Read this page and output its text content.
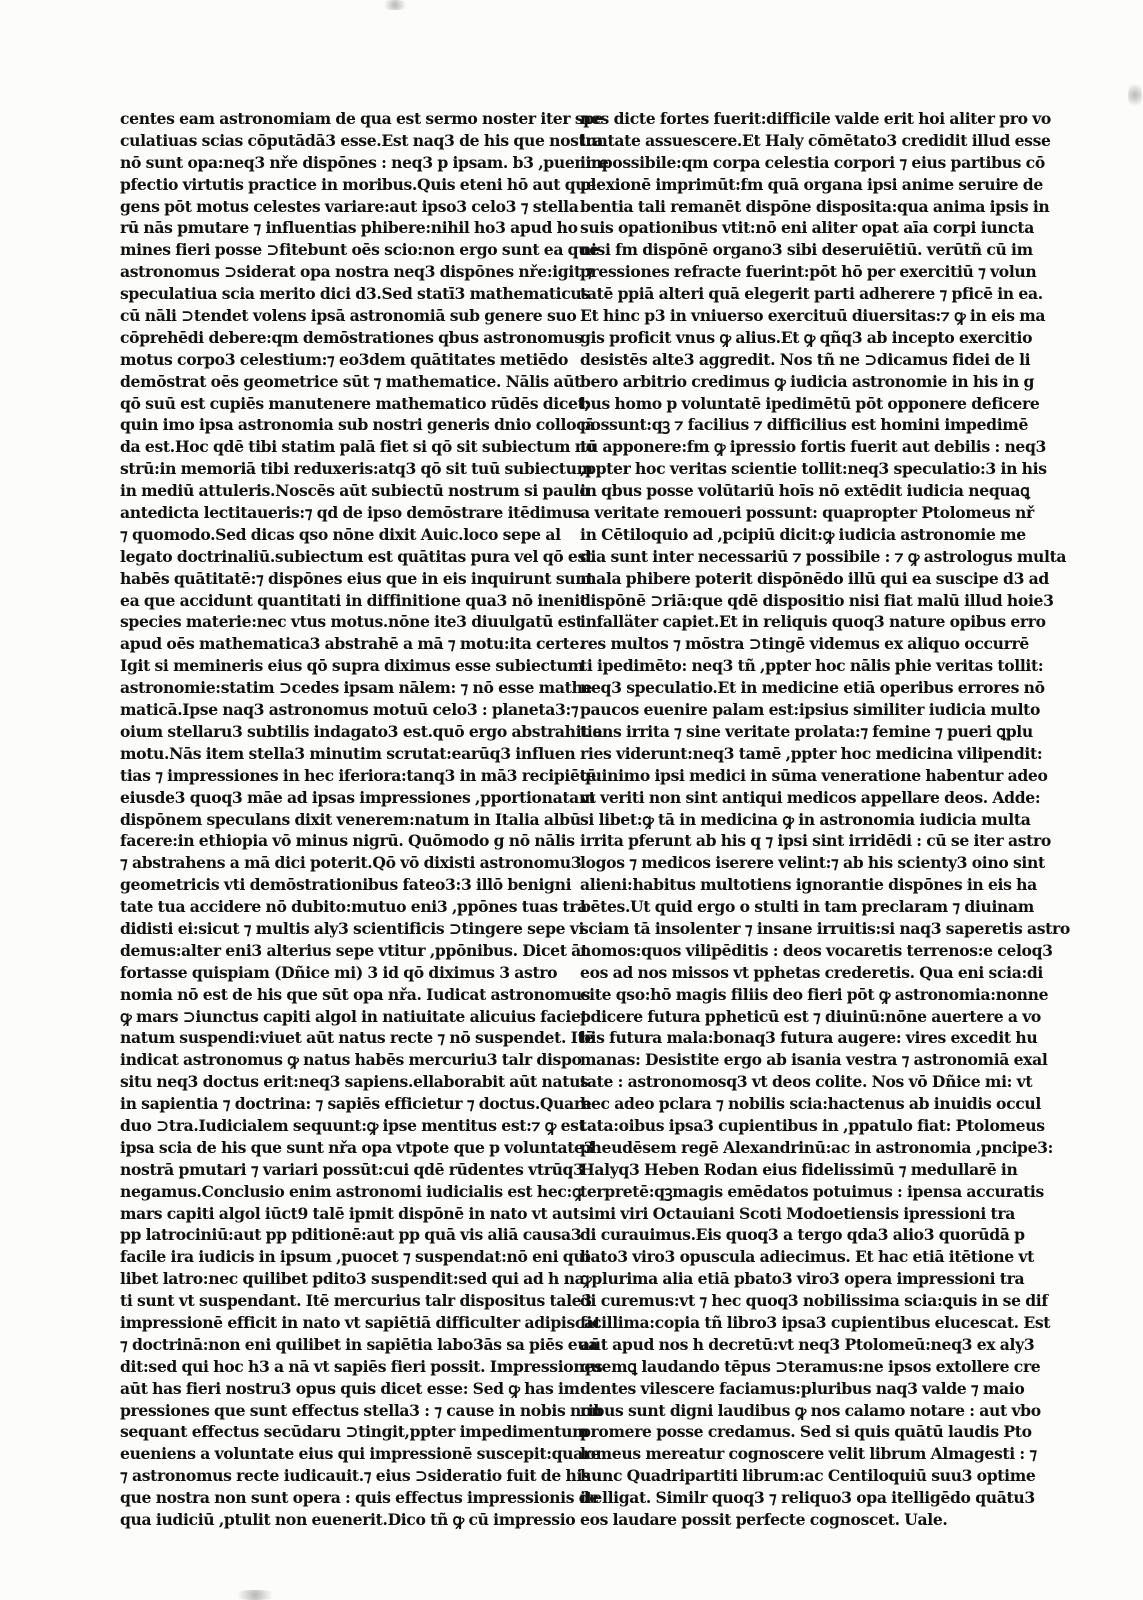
centes eam astronomiam de qua est sermo noster iter spe
culatiuas scias cōputādā3 esse.Est naq3 de his que nostra
nō sunt opa:neq3 nře dispōnes : neq3 p ipsam. b3 ,puenire
pfectio virtutis practice in moribus.Quis eteni hō aut que
gens pōt motus celestes variare:aut ipso3 celo3 ⁊ stella
rū nās pmutare ⁊ influentias phibere:nihil ho3 apud ho
mines fieri posse ⊃fitebunt oēs scio:non ergo sunt ea que
astronomus ⊃siderat opa nostra neq3 dispōnes nře:igit ⁊
speculatiua scia merito dici d3.Sed statī3 mathematicus
cū nāli ⊃tendet volens ipsā astronomiā sub genere suo
cōprehēdi debere:qm demōstrationes qbus astronomus
motus corpo3 celestium:⁊ eo3dem quātitates metiēdo
demōstrat oēs geometrice sūt ⁊ mathematice. Nālis aūt
qō suū est cupiēs manutenere mathematico rūdēs dicet;
quin imo ipsa astronomia sub nostri generis dnio collocā
da est.Hoc qdē tibi statim palā fiet si qō sit subiectum no
strū:in memoriā tibi reduxeris:atq3 qō sit tuū subiectum
in mediū attuleris.Noscēs aūt subiectū nostrum si paulo
antedicta lectitaueris:⁊ qd de ipso demōstrare itēdimus
⁊ quomodo.Sed dicas qso nōne dixit Auic.loco sepe al
legato doctrinaliū.subiectum est quātitas pura vel qō est
habēs quātitatē:⁊ dispōnes eius que in eis inquirunt sunt
ea que accidunt quantitati in diffinitione qua3 nō inenit
species materie:nec vtus motus.nōne ite3 diuulgatū est
apud oēs mathematica3 abstrahē a mā ⁊ motu:ita certe.
Igit si memineris eius qō supra diximus esse subiectum
astronomie:statim ⊃cedes ipsam nālem: ⁊ nō esse mathe
maticā.Ipse naq3 astronomus motuū celo3 : planeta3:⁊
oium stellaru3 subtilis indagato3 est.quō ergo abstrahit a
motu.Nās item stella3 minutim scrutat:earūq3 influen
tias ⁊ impressiones in hec iferiora:tanq3 in mā3 recipiētē:
eiusde3 quoq3 māe ad ipsas impressiones ,pportionatam
dispōnem speculans dixit venerem:natum in Italia albū
facere:in ethiopia vō minus nigrū. Quōmodo g nō nālis
⁊ abstrahens a mā dici poterit.Qō vō dixisti astronomu3
geometricis vti demōstrationibus fateo3:3 illō benigni
tate tua accidere nō dubito:mutuo eni3 ,ppōnes tuas tra
didisti ei:sicut ⁊ multis aly3 scientificis ⊃tingere sepe vi
demus:alter eni3 alterius sepe vtitur ,ppōnibus. Dicet āt
fortasse quispiam (Dñice mi) 3 id qō diximus 3 astro
nomia nō est de his que sūt opa nřa. Iudicat astronomus
ꝙ mars ⊃iunctus capiti algol in natiuitate alicuius faciet
natum suspendi:viuet aūt natus recte ⁊ nō suspendet. Itē
indicat astronomus ꝙ natus habēs mercuriu3 talr dispo
situ neq3 doctus erit:neq3 sapiens.ellaborabit aūt natus
in sapientia ⁊ doctrina: ⁊ sapiēs efficietur ⁊ doctus.Quare
duo ⊃tra.Iudicialem sequunt:ꝙ ipse mentitus est:⁊ ꝙ est
ipsa scia de his que sunt nřa opa vtpote que p voluntate3
nostrā pmutari ⁊ variari possūt:cui qdē rūdentes vtrūq3
negamus.Conclusio enim astronomi iudicialis est hec:ꝙ
mars capiti algol iūct9 talē ipmit dispōnē in nato vt aut
pp latrociniū:aut pp pditionē:aut pp quā vis aliā causa3
facile ira iudicis in ipsum ,puocet ⁊ suspendat:nō eni qui
libet latro:nec quilibet pdito3 suspendit:sed qui ad h na
ti sunt vt suspendant. Itē mercurius talr dispositus tale3
impressionē efficit in nato vt sapiētiā difficulter adipiscat
⁊ doctrinā:non eni quilibet in sapiētia labo3ās sa piēs eua
dit:sed qui hoc h3 a nā vt sapiēs fieri possit. Impressiones
aūt has fieri nostru3 opus quis dicet esse: Sed ꝙ has im
pressiones que sunt effectus stella3 : ⁊ cause in nobis non
sequant effectus secūdaru ⊃tingit,ppter impedimentum
eueniens a voluntate eius qui impressionē suscepit:quare
⁊ astronomus recte iudicauit.⁊ eius ⊃sideratio fuit de his
que nostra non sunt opera : quis effectus impressionis de
qua iudiciū ,ptulit non euenerit.Dico tñ ꝙ cū impressio
nes dicte fortes fuerit:difficile valde erit hoi aliter pro vo
luntate assuescere.Et Haly cōmētato3 credidit illud esse
impossibile:qm corpa celestia corpori ⁊ eius partibus cō
plexionē imprimūt:fm quā organa ipsi anime seruire de
bentia tali remanēt dispōne disposita:qua anima ipsis in
suis opationibus vtit:nō eni aliter opat aīa corpi iuncta
nisi fm dispōnē organo3 sibi deseruiētiū. verūtñ cū im
pressiones refracte fuerint:pōt hō per exercitiū ⁊ volun
tatē ppiā alteri quā elegerit parti adherere ⁊ pficē in ea.
Et hinc p3 in vniuerso exercituū diuersitas:⁊ ꝙ in eis ma
gis proficit vnus ꝙ alius.Et ꝙ qñq3 ab incepto exercitio
desistēs alte3 aggredit. Nos tñ ne ⊃dicamus fidei de li
bero arbitrio credimus ꝙ iudicia astronomie in his in g
bus homo p voluntatē ipedimētū pōt opponere deficere
possunt:qꝫ ⁊ facilius ⁊ difficilius est homini impedimē
tū apponere:fm ꝙ ipressio fortis fuerit aut debilis : neq3
,ppter hoc veritas scientie tollit:neq3 speculatio:3 in his
in qbus posse volūtariū hoīs nō extēdit iudicia nequaꝗ
a veritate remoueri possunt: quapropter Ptolomeus nř
in Cētiloquio ad ,pcipiū dicit:ꝙ iudicia astronomie me
dia sunt inter necessariū ⁊ possibile : ⁊ ꝙ astrologus multa
mala phibere poterit dispōnēdo illū qui ea suscipe d3 ad
dispōnē ⊃riā:que qdē dispositio nisi fiat malū illud hoie3
infalläter capiet.Et in reliquis quoq3 nature opibus erro
res multos ⁊ mōstra ⊃tingē videmus ex aliquo occurrē
ti ipedimēto: neq3 tñ ,ppter hoc nālis phie veritas tollit:
neq3 speculatio.Et in medicine etiā operibus errores nō
paucos euenire palam est:ipsius similiter iudicia multo
tiens irrita ⁊ sine veritate prolata:⁊ femine ⁊ pueri ꝗplu
ries viderunt:neq3 tamē ,ppter hoc medicina vilipendit:
quinimo ipsi medici in sūma veneratione habentur adeo
vt veriti non sint antiqui medicos appellare deos. Adde:
si libet:ꝙ tā in medicina ꝙ in astronomia iudicia multa
irrita pferunt ab his q ⁊ ipsi sint irridēdi : cū se iter astro
logos ⁊ medicos iserere velint:⁊ ab his scienty3 oino sint
alieni:habitus multotiens ignorantie dispōnes in eis ha
bētes.Ut quid ergo o stulti in tam preclaram ⁊ diuinam
sciam tā insolenter ⁊ insane irruitis:si naq3 saperetis astro
nomos:quos vilipēditis : deos vocaretis terrenos:e celoq3
eos ad nos missos vt pphetas crederetis. Qua eni scia:di
cite qso:hō magis filiis deo fieri pōt ꝙ astronomia:nonne
pdicere futura ppheticū est ⁊ diuinū:nōne auertere a vo
bis futura mala:bonaq3 futura augere: vires excedit hu
manas: Desistite ergo ab isania vestra ⁊ astronomiā exal
tate : astronomosq3 vt deos colite. Nos vō Dñice mi: vt
hec adeo pclara ⁊ nobilis scia:hactenus ab inuidis occul
tata:oibus ipsa3 cupientibus in ,ppatulo fiat: Ptolomeus
pheudēsem regē Alexandrinū:ac in astronomia ,pncipe3:
Halyq3 Heben Rodan eius fidelissimū ⁊ medullarē in
terpretē:qꝫmagis emēdatos potuimus : ipensa accuratis
simi viri Octauiani Scoti Modoetiensis ipressioni tra
di curauimus.Eis quoq3 a tergo qda3 alio3 quorūdā p
bato3 viro3 opuscula adiecimus. Et hac etiā itētione vt
ꝙplurima alia etiā pbato3 viro3 opera impressioni tra
di curemus:vt ⁊ hec quoq3 nobilissima scia:ꝗuis in se dif
ficillima:copia tñ libro3 ipsa3 cupientibus elucescat. Est
aūt apud nos h decretū:vt neq3 Ptolomeū:neq3 ex aly3
quemꝗ laudando tēpus ⊃teramus:ne ipsos extollere cre
dentes vilescere faciamus:pluribus naq3 valde ⁊ maio
ribus sunt digni laudibus ꝙ nos calamo notare : aut vbo
promere posse credamus. Sed si quis quātū laudis Pto
lomeus mereatur cognoscere velit librum Almagesti : ⁊
hunc Quadripartiti librum:ac Centiloquiū suu3 optime
itelligat. Similr quoq3 ⁊ reliquo3 opa itelligēdo quātu3
eos laudare possit perfecte cognoscet. Uale.
